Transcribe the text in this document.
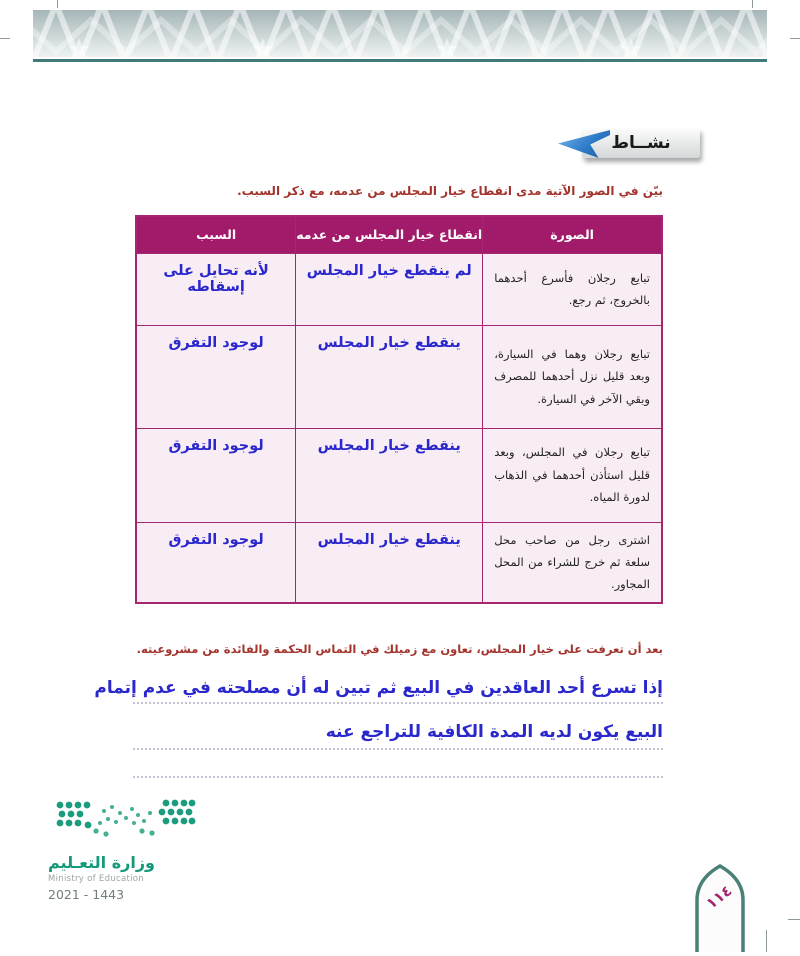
نشــاط
بيّن في الصور الآتية مدى انقطاع خيار المجلس من عدمه، مع ذكر السبب.
الصورة	انقطاع خيار المجلس من عدمه	السبب
تبايع رجلان فأسرع أحدهما بالخروج، ثم رجع.	لم ينقطع خيار المجلس	لأنه تحايل على إسقاطه
تبايع رجلان وهما في السيارة، وبعد قليل نزل أحدهما للمصرف وبقي الآخر في السيارة.	ينقطع خيار المجلس	لوجود التفرق
تبايع رجلان في المجلس، وبعد قليل استأذن أحدهما في الذهاب لدورة المياه.	ينقطع خيار المجلس	لوجود التفرق
اشترى رجل من صاحب محل سلعة ثم خرج للشراء من المحل المجاور.	ينقطع خيار المجلس	لوجود التفرق
بعد أن تعرفت على خيار المجلس، تعاون مع زميلك في التماس الحكمة والفائدة من مشروعيته.
إذا تسرع أحد العاقدين في البيع ثم تبين له أن مصلحته في عدم إتمام
البيع يكون لديه المدة الكافية للتراجع عنه
وزارة التعـليم
Ministry of Education
2021 - 1443	١١٤
